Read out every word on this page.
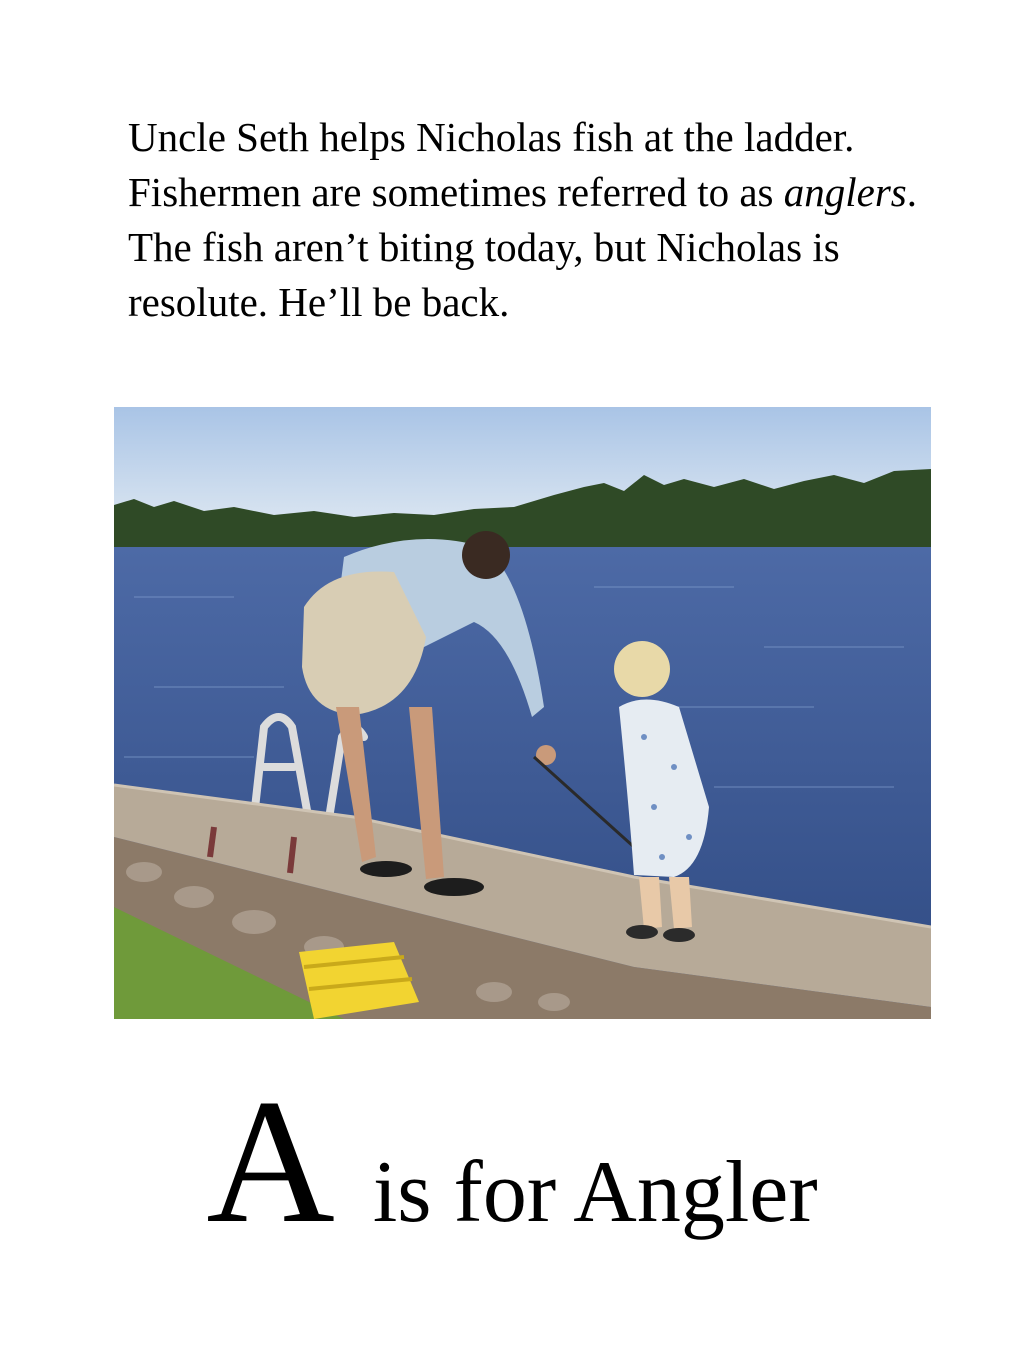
Uncle Seth helps Nicholas fish at the ladder. Fishermen are sometimes referred to as anglers. The fish aren’t biting today, but Nicholas is resolute. He’ll be back.

Ais for Angler
